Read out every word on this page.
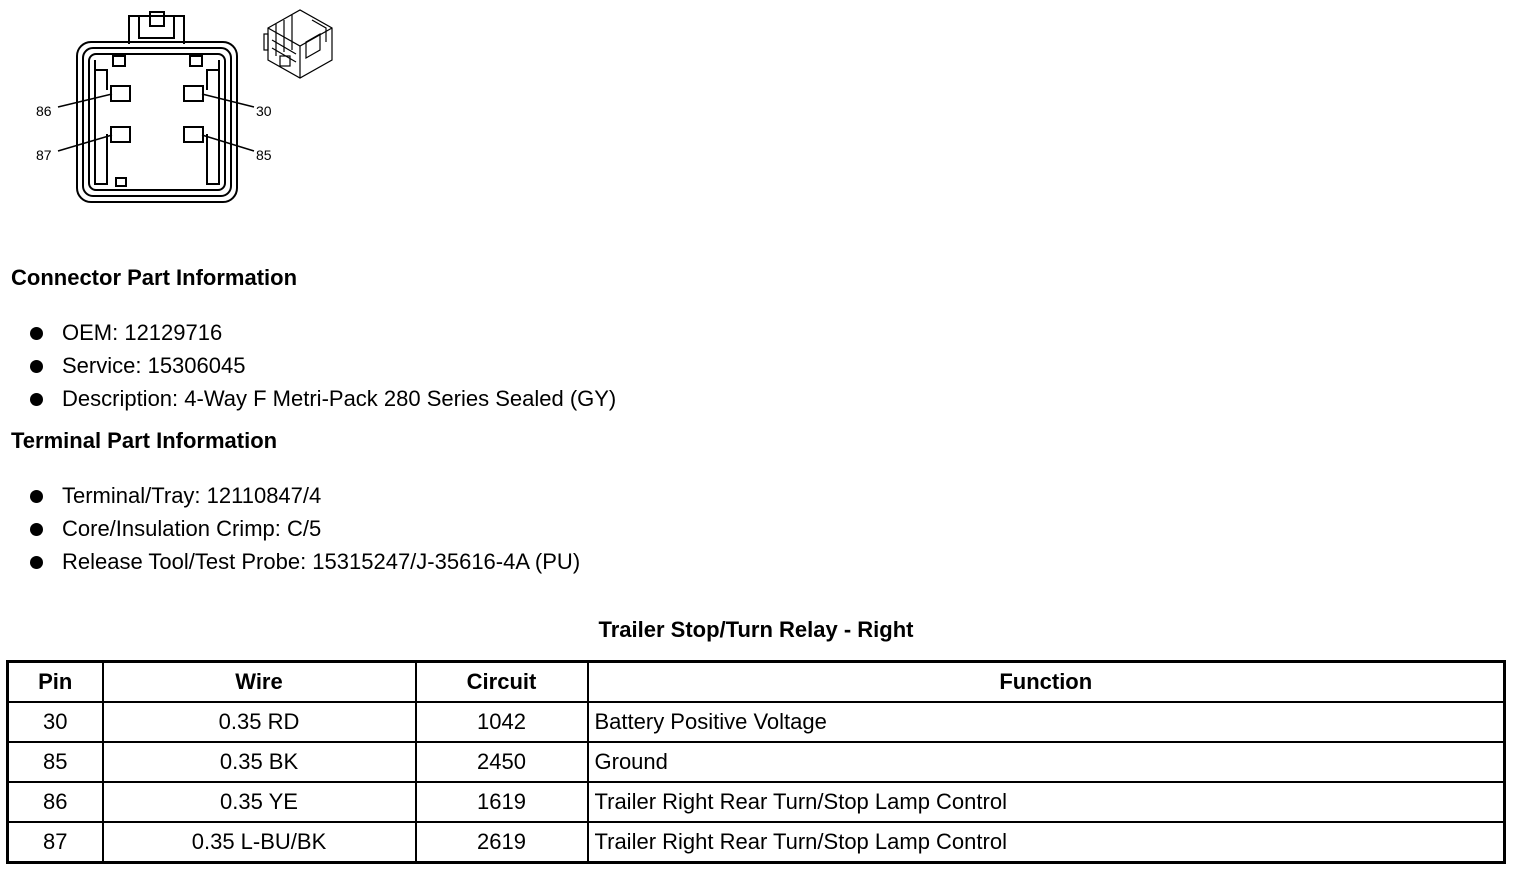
86
87
30
85
Connector Part Information
OEM: 12129716
Service: 15306045
Description: 4-Way F Metri-Pack 280 Series Sealed (GY)
Terminal Part Information
Terminal/Tray: 12110847/4
Core/Insulation Crimp: C/5
Release Tool/Test Probe: 15315247/J-35616-4A (PU)
Trailer Stop/Turn Relay - Right
Pin	Wire	Circuit	Function
30	0.35 RD	1042	Battery Positive Voltage
85	0.35 BK	2450	Ground
86	0.35 YE	1619	Trailer Right Rear Turn/Stop Lamp Control
87	0.35 L-BU/BK	2619	Trailer Right Rear Turn/Stop Lamp Control
